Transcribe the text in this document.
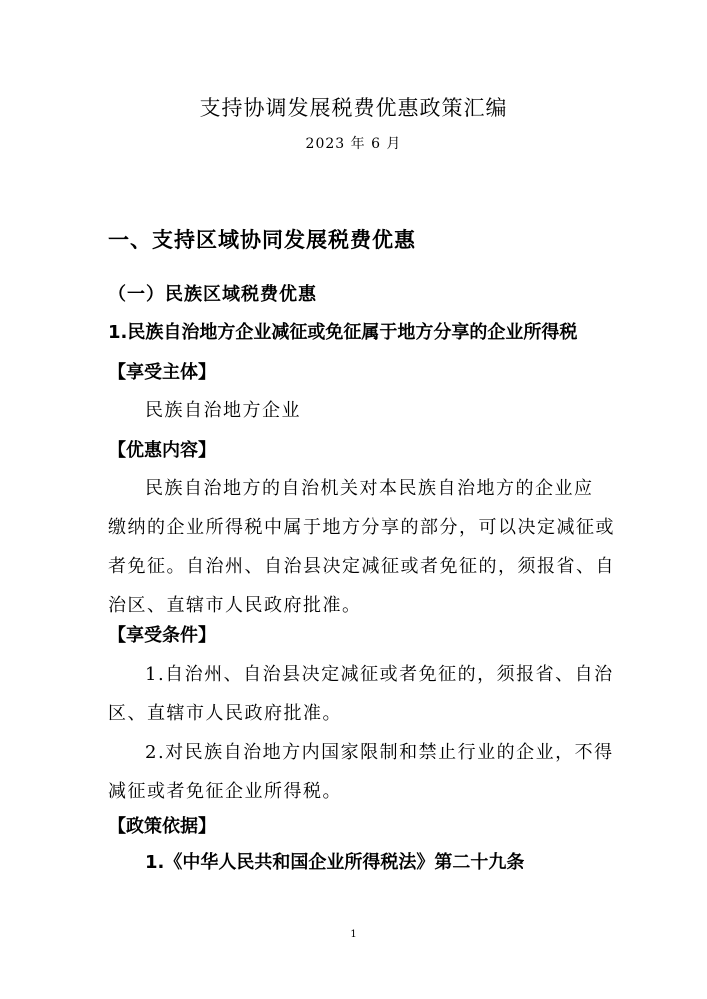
支持协调发展税费优惠政策汇编
2023 年 6 月
一、支持区域协同发展税费优惠
（一）民族区域税费优惠
1.民族自治地方企业减征或免征属于地方分享的企业所得税
【享受主体】
民族自治地方企业
【优惠内容】
民族自治地方的自治机关对本民族自治地方的企业应
缴纳的企业所得税中属于地方分享的部分，可以决定减征或
者免征。自治州、自治县决定减征或者免征的，须报省、自
治区、直辖市人民政府批准。
【享受条件】
1.自治州、自治县决定减征或者免征的，须报省、自治
区、直辖市人民政府批准。
2.对民族自治地方内国家限制和禁止行业的企业，不得
减征或者免征企业所得税。
【政策依据】
1.《中华人民共和国企业所得税法》第二十九条
1
